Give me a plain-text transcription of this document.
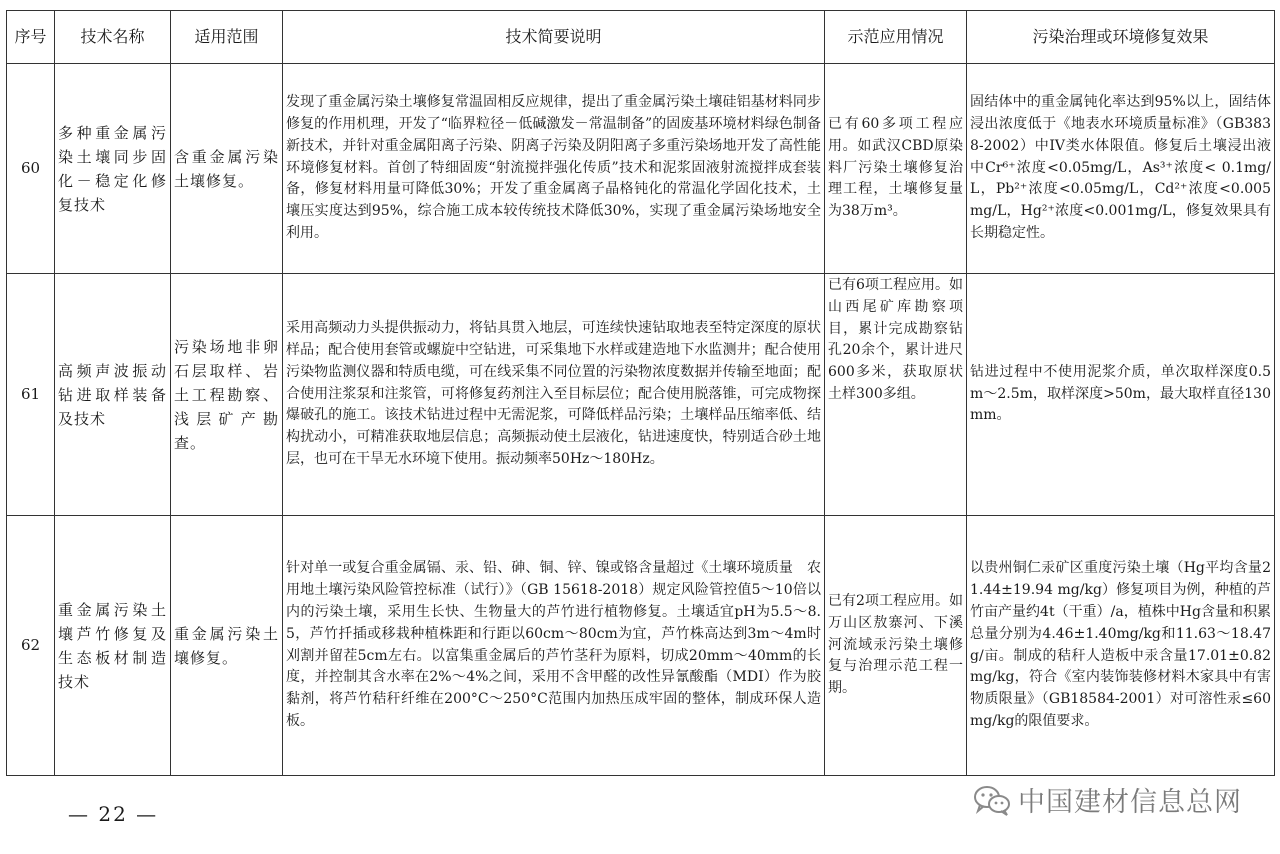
序号	技术名称	适用范围	技术简要说明	示范应用情况	污染治理或环境修复效果
60	多种重金属污染土壤同步固化－稳定化修复技术	含重金属污染土壤修复。	发现了重金属污染土壤修复常温固相反应规律，提出了重金属污染土壤硅铝基材料同步修复的作用机理，开发了“临界粒径－低碱激发－常温制备”的固废基环境材料绿色制备新技术，并针对重金属阳离子污染、阴离子污染及阴阳离子多重污染场地开发了高性能环境修复材料。首创了特细固废“射流搅拌强化传质”技术和泥浆固液射流搅拌成套装备，修复材料用量可降低30%；开发了重金属离子晶格钝化的常温化学固化技术，土壤压实度达到95%，综合施工成本较传统技术降低30%，实现了重金属污染场地安全利用。	已有60多项工程应用。如武汉CBD原染料厂污染土壤修复治理工程，土壤修复量为38万m³。	固结体中的重金属钝化率达到95%以上，固结体浸出浓度低于《地表水环境质量标准》（GB3838-2002）中IV类水体限值。修复后土壤浸出液中Cr⁶⁺浓度<0.05mg/L，As³⁺浓度< 0.1mg/L，Pb²⁺浓度<0.05mg/L，Cd²⁺浓度<0.005mg/L，Hg²⁺浓度<0.001mg/L，修复效果具有长期稳定性。
61	高频声波振动钻进取样装备及技术	污染场地非卵石层取样、岩土工程勘察、浅层矿产勘查。	采用高频动力头提供振动力，将钻具贯入地层，可连续快速钻取地表至特定深度的原状样品；配合使用套管或螺旋中空钻进，可采集地下水样或建造地下水监测井；配合使用污染物监测仪器和特质电缆，可在线采集不同位置的污染物浓度数据并传输至地面；配合使用注浆泵和注浆管，可将修复药剂注入至目标层位；配合使用脱落锥，可完成物探爆破孔的施工。该技术钻进过程中无需泥浆，可降低样品污染；土壤样品压缩率低、结构扰动小，可精准获取地层信息；高频振动使土层液化，钻进速度快，特别适合砂土地层，也可在干旱无水环境下使用。振动频率50Hz～180Hz。	已有6项工程应用。如山西尾矿库勘察项目，累计完成勘察钻孔20余个，累计进尺600多米，获取原状土样300多组。	钻进过程中不使用泥浆介质，单次取样深度0.5m～2.5m，取样深度>50m，最大取样直径130mm。
62	重金属污染土壤芦竹修复及生态板材制造技术	重金属污染土壤修复。	针对单一或复合重金属镉、汞、铅、砷、铜、锌、镍或铬含量超过《土壤环境质量　农用地土壤污染风险管控标准（试行）》（GB 15618-2018）规定风险管控值5～10倍以内的污染土壤，采用生长快、生物量大的芦竹进行植物修复。土壤适宜pH为5.5～8.5，芦竹扦插或移栽种植株距和行距以60cm～80cm为宜，芦竹株高达到3m～4m时刈割并留茬5cm左右。以富集重金属后的芦竹茎秆为原料，切成20mm～40mm的长度，并控制其含水率在2%～4%之间，采用不含甲醛的改性异氰酸酯（MDI）作为胶黏剂，将芦竹秸秆纤维在200°C～250°C范围内加热压成牢固的整体，制成环保人造板。	已有2项工程应用。如万山区敖寨河、下溪河流域汞污染土壤修复与治理示范工程一期。	以贵州铜仁汞矿区重度污染土壤（Hg平均含量21.44±19.94 mg/kg）修复项目为例，种植的芦竹亩产量约4t（干重）/a，植株中Hg含量和积累总量分别为4.46±1.40mg/kg和11.63～18.47g/亩。制成的秸秆人造板中汞含量17.01±0.82mg/kg，符合《室内装饰装修材料木家具中有害物质限量》（GB18584-2001）对可溶性汞≤60mg/kg的限值要求。
— 22 —	中国建材信息总网
